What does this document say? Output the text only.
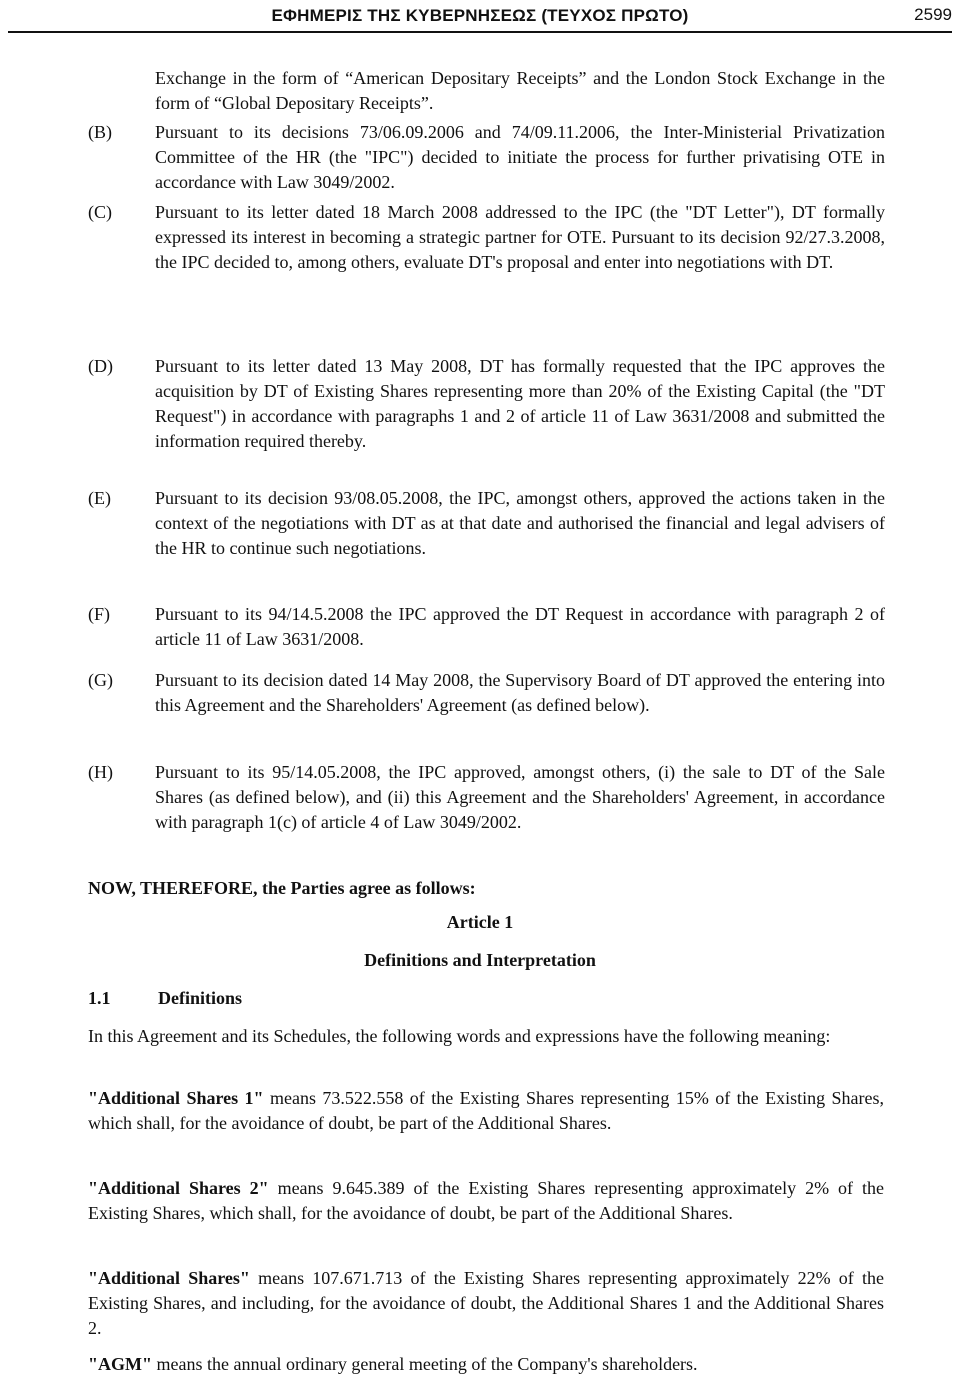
ΕΦΗΜΕΡΙΣ ΤΗΣ ΚΥΒΕΡΝΗΣΕΩΣ (ΤΕΥΧΟΣ ΠΡΩΤΟ)	2599
Exchange in the form of “American Depositary Receipts” and the London Stock Exchange in the form of “Global Depositary Receipts”.
(B) Pursuant to its decisions 73/06.09.2006 and 74/09.11.2006, the Inter-Ministerial Privatization Committee of the HR (the "IPC") decided to initiate the process for further privatising OTE in accordance with Law 3049/2002.
(C) Pursuant to its letter dated 18 March 2008 addressed to the IPC (the "DT Letter"), DT formally expressed its interest in becoming a strategic partner for OTE. Pursuant to its decision 92/27.3.2008, the IPC decided to, among others, evaluate DT's proposal and enter into negotiations with DT.
(D) Pursuant to its letter dated 13 May 2008, DT has formally requested that the IPC approves the acquisition by DT of Existing Shares representing more than 20% of the Existing Capital (the "DT Request") in accordance with paragraphs 1 and 2 of article 11 of Law 3631/2008 and submitted the information required thereby.
(E) Pursuant to its decision 93/08.05.2008, the IPC, amongst others, approved the actions taken in the context of the negotiations with DT as at that date and authorised the financial and legal advisers of the HR to continue such negotiations.
(F)	Pursuant to its 94/14.5.2008 the IPC approved the DT Request in accordance with paragraph 2 of article 11 of Law 3631/2008.
(G) Pursuant to its decision dated 14 May 2008, the Supervisory Board of DT approved the entering into this Agreement and the Shareholders' Agreement (as defined below).
(H) Pursuant to its 95/14.05.2008, the IPC approved, amongst others, (i) the sale to DT of the Sale Shares (as defined below), and (ii) this Agreement and the Shareholders' Agreement, in accordance with paragraph 1(c) of article 4 of Law 3049/2002.
NOW, THEREFORE, the Parties agree as follows:
Article 1
Definitions and Interpretation
1.1	Definitions
In this Agreement and its Schedules, the following words and expressions have the following meaning:
"Additional Shares 1" means 73.522.558 of the Existing Shares representing 15% of the Existing Shares, which shall, for the avoidance of doubt, be part of the Additional Shares.
"Additional Shares 2" means 9.645.389 of the Existing Shares representing approximately 2% of the Existing Shares, which shall, for the avoidance of doubt, be part of the Additional Shares.
"Additional Shares" means 107.671.713 of the Existing Shares representing approximately 22% of the Existing Shares, and including, for the avoidance of doubt, the Additional Shares 1 and the Additional Shares 2.
"AGM" means the annual ordinary general meeting of the Company's shareholders.
